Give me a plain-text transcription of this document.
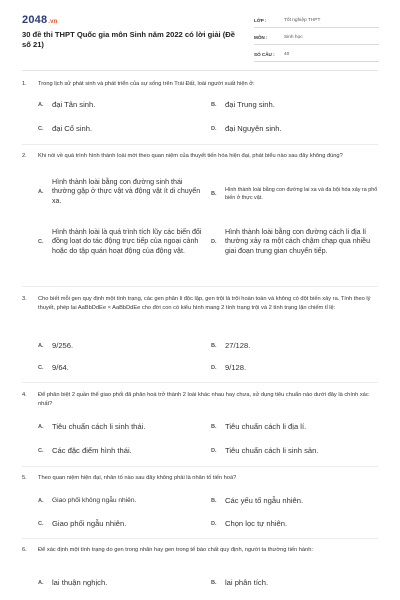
2048.vn
30 đề thi THPT Quốc gia môn Sinh năm 2022 có lời giải (Đề số 21)
LỚP :	Tốt nghiệp THPT
MÔN :	Sinh học
SỐ CÂU :	40
1.	Trong lịch sử phát sinh và phát triển của sự sống trên Trái Đất, loài người xuất hiện ở:
A.	đại Tân sinh.	B.	đại Trung sinh.
C.	đại Cổ sinh.	D.	đại Nguyên sinh.
2.	Khi nói về quá trình hình thành loài mới theo quan niệm của thuyết tiến hóa hiện đại, phát biểu nào sau đây không đúng?
A.
Hình thành loài bằng con đường sinh thái thường gặp ở thực vật và động vật ít di chuyển xa.
B.
Hình thành loài bằng con đường lai xa và đa bội hóa xảy ra phổ biến ở thực vật.
C.
Hình thành loài là quá trình tích lũy các biến đổi đồng loạt do tác động trực tiếp của ngoại cảnh hoặc do tập quán hoạt động của động vật.
D.
Hình thành loài bằng con đường cách li địa lí thường xảy ra một cách chậm chạp qua nhiều giai đoạn trung gian chuyển tiếp.
3.	Cho biết mỗi gen quy định một tính trạng, các gen phân li độc lập, gen trội là trội hoàn toàn và không có đột biến xảy ra. Tính theo lý thuyết, phép lai AaBbDdEe × AaBbDdEe cho đời con có kiểu hình mang 2 tính trạng trội và 2 tính trạng lặn chiếm tỉ lệ:
A.	9/256.	B.	27/128.
C.	9/64.	D.	9/128.
4.	Để phân biệt 2 quần thể giao phối đã phân hoá trở thành 2 loài khác nhau hay chưa, sử dụng tiêu chuẩn nào dưới đây là chính xác nhất?
A.	Tiêu chuẩn cách li sinh thái.	B.	Tiêu chuẩn cách li địa lí.
C.	Các đặc điểm hình thái.	D.	Tiêu chuẩn cách li sinh sản.
5.	Theo quan niệm hiện đại, nhân tố nào sau đây không phải là nhân tố tiến hoá?
A.	Giao phối không ngẫu nhiên.	B.	Các yếu tố ngẫu nhiên.
C.	Giao phối ngẫu nhiên.	D.	Chọn lọc tự nhiên.
6.	Để xác định một tính trạng do gen trong nhân hay gen trong tế bào chất quy định, người ta thường tiến hành:
A.	lai thuận nghịch.	B.	lai phân tích.
